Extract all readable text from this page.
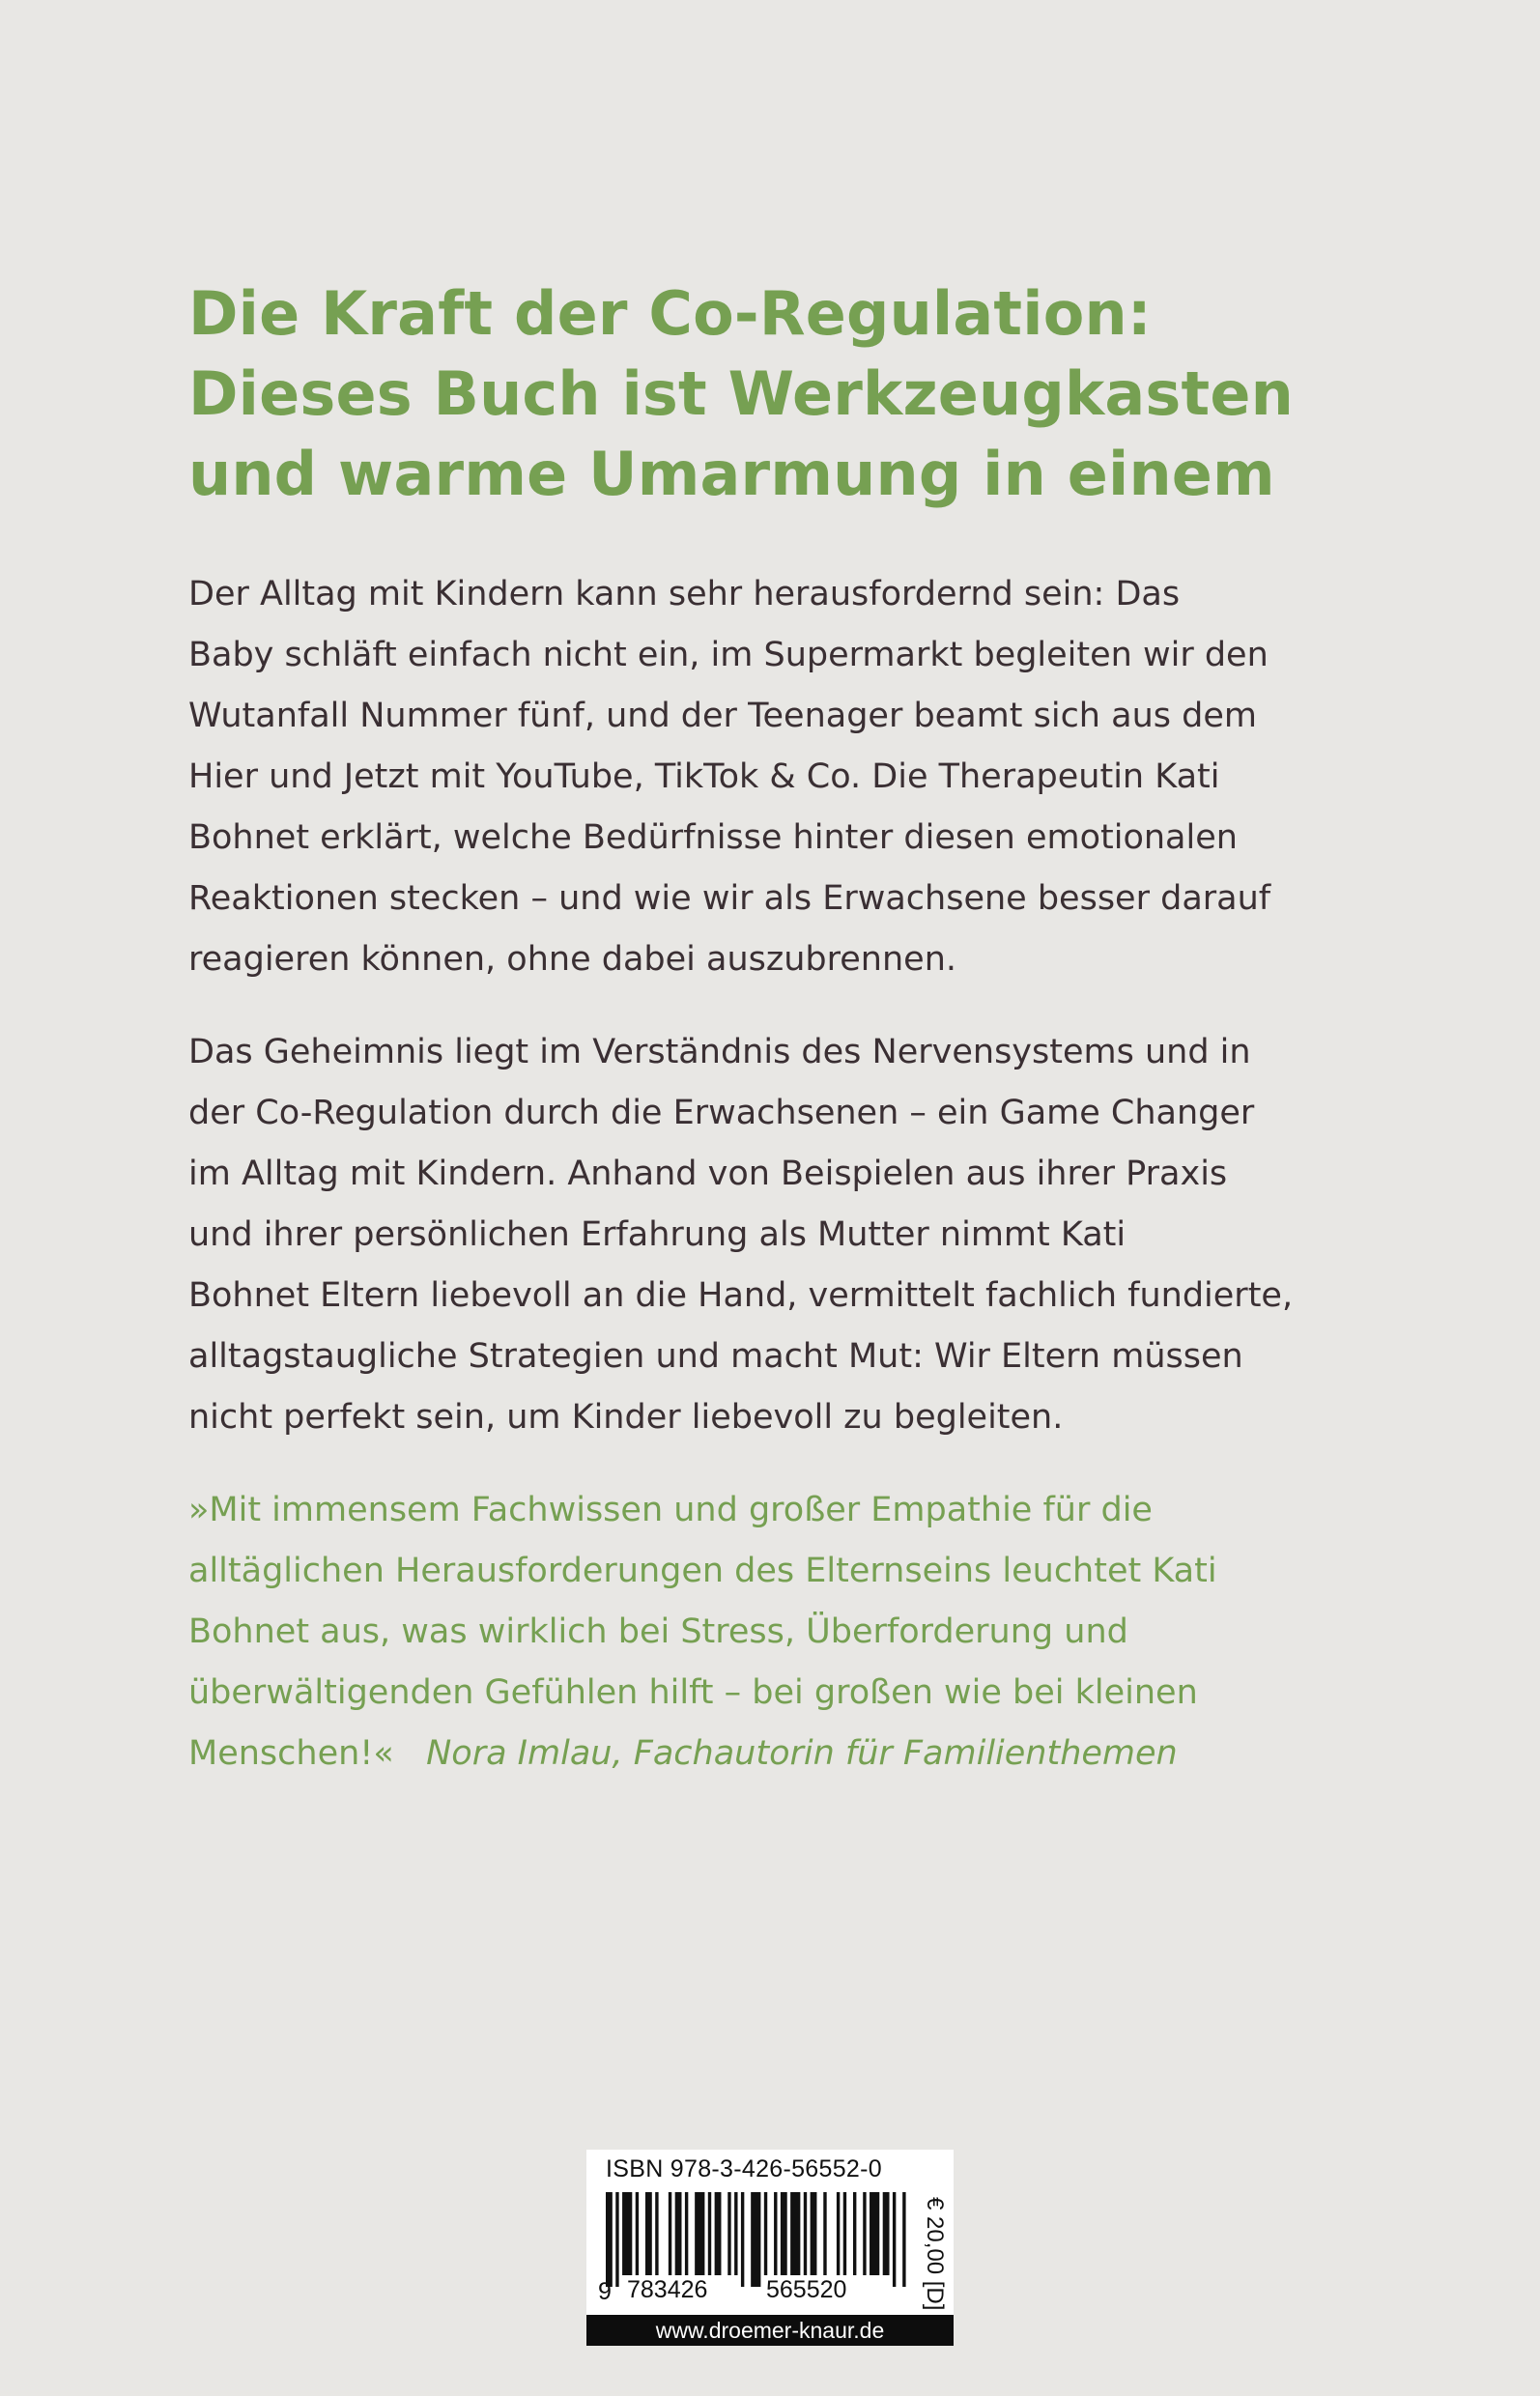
Die Kraft der Co-Regulation:
Dieses Buch ist Werkzeugkasten
und warme Umarmung in einem

Der Alltag mit Kindern kann sehr herausfordernd sein: Das
Baby schläft einfach nicht ein, im Supermarkt begleiten wir den
Wutanfall Nummer fünf, und der Teenager beamt sich aus dem
Hier und Jetzt mit YouTube, TikTok & Co. Die Therapeutin Kati
Bohnet erklärt, welche Bedürfnisse hinter diesen emotionalen
Reaktionen stecken – und wie wir als Erwachsene besser darauf
reagieren können, ohne dabei auszubrennen.

Das Geheimnis liegt im Verständnis des Nervensystems und in
der Co-Regulation durch die Erwachsenen – ein Game Changer
im Alltag mit Kindern. Anhand von Beispielen aus ihrer Praxis
und ihrer persönlichen Erfahrung als Mutter nimmt Kati
Bohnet Eltern liebevoll an die Hand, vermittelt fachlich fundierte,
alltagstaugliche Strategien und macht Mut: Wir Eltern müssen
nicht perfekt sein, um Kinder liebevoll zu begleiten.

»Mit immensem Fachwissen und großer Empathie für die
alltäglichen Herausforderungen des Elternseins leuchtet Kati
Bohnet aus, was wirklich bei Stress, Überforderung und
überwältigenden Gefühlen hilft – bei großen wie bei kleinen
Menschen!« Nora Imlau, Fachautorin für Familienthemen
ISBN 978-3-426-56552-0
9 783426 565520	€ 20,00 [D]
www.droemer-knaur.de
